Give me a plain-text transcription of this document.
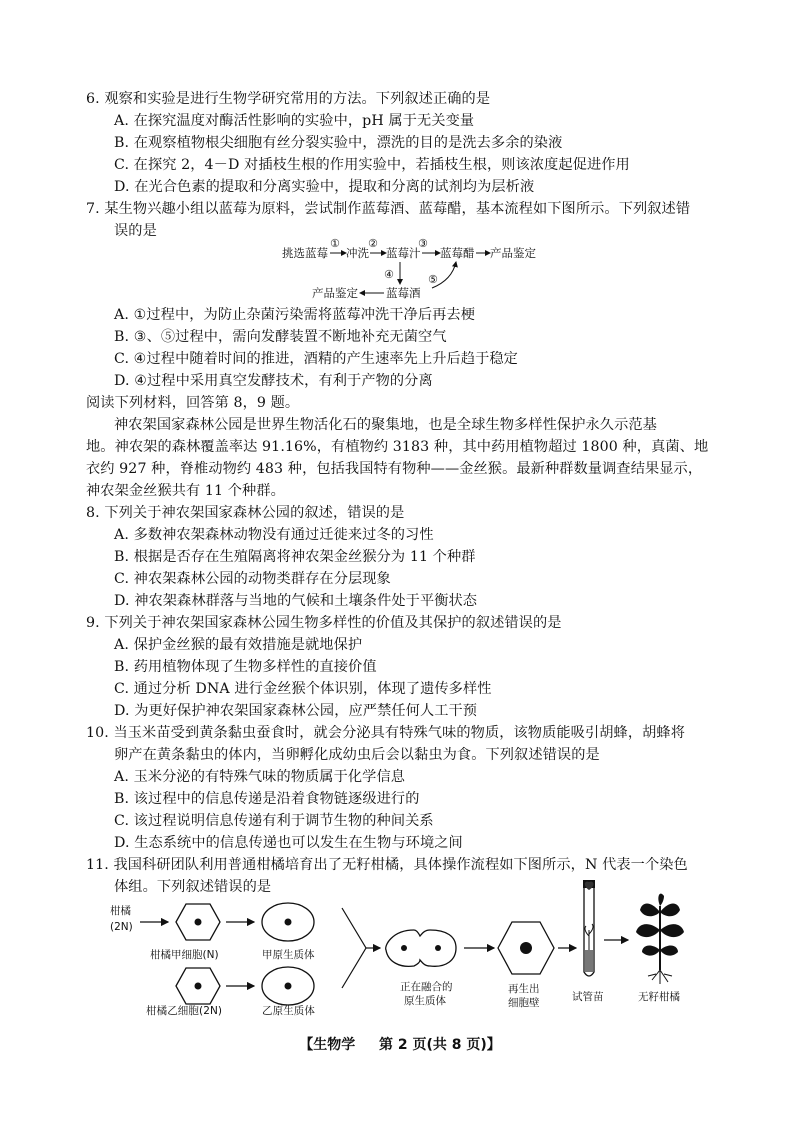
6. 观察和实验是进行生物学研究常用的方法。下列叙述正确的是
A. 在探究温度对酶活性影响的实验中，pH 属于无关变量
B. 在观察植物根尖细胞有丝分裂实验中，漂洗的目的是洗去多余的染液
C. 在探究 2，4－D 对插枝生根的作用实验中，若插枝生根，则该浓度起促进作用
D. 在光合色素的提取和分离实验中，提取和分离的试剂均为层析液
7. 某生物兴趣小组以蓝莓为原料，尝试制作蓝莓酒、蓝莓醋，基本流程如下图所示。下列叙述错
误的是
挑选蓝莓
①
冲洗
②
蓝莓汁
③
蓝莓醋 产品鉴定
④	⑤
产品鉴定 蓝莓酒
A. ①过程中，为防止杂菌污染需将蓝莓冲洗干净后再去梗
B. ③、⑤过程中，需向发酵装置不断地补充无菌空气
C. ④过程中随着时间的推进，酒精的产生速率先上升后趋于稳定
D. ④过程中采用真空发酵技术，有利于产物的分离
阅读下列材料，回答第 8，9 题。
神农架国家森林公园是世界生物活化石的聚集地，也是全球生物多样性保护永久示范基
地。神农架的森林覆盖率达 91.16%，有植物约 3183 种，其中药用植物超过 1800 种，真菌、地
衣约 927 种，脊椎动物约 483 种，包括我国特有物种——金丝猴。最新种群数量调查结果显示，
神农架金丝猴共有 11 个种群。
8. 下列关于神农架国家森林公园的叙述，错误的是
A. 多数神农架森林动物没有通过迁徙来过冬的习性
B. 根据是否存在生殖隔离将神农架金丝猴分为 11 个种群
C. 神农架森林公园的动物类群存在分层现象
D. 神农架森林群落与当地的气候和土壤条件处于平衡状态
9. 下列关于神农架国家森林公园生物多样性的价值及其保护的叙述错误的是
A. 保护金丝猴的最有效措施是就地保护
B. 药用植物体现了生物多样性的直接价值
C. 通过分析 DNA 进行金丝猴个体识别，体现了遗传多样性
D. 为更好保护神农架国家森林公园，应严禁任何人工干预
10. 当玉米苗受到黄条黏虫蚕食时，就会分泌具有特殊气味的物质，该物质能吸引胡蜂，胡蜂将
卵产在黄条黏虫的体内，当卵孵化成幼虫后会以黏虫为食。下列叙述错误的是
A. 玉米分泌的有特殊气味的物质属于化学信息
B. 该过程中的信息传递是沿着食物链逐级进行的
C. 该过程说明信息传递有利于调节生物的种间关系
D. 生态系统中的信息传递也可以发生在生物与环境之间
11. 我国科研团队利用普通柑橘培育出了无籽柑橘，具体操作流程如下图所示，N 代表一个染色
体组。下列叙述错误的是
柑橘
(2N)
柑橘甲细胞(N)	甲原生质体
正在融合的
原生质体
再生出
细胞壁	试管苗	无籽柑橘
柑橘乙细胞(2N)	乙原生质体
【生物学 第 2 页(共 8 页)】
